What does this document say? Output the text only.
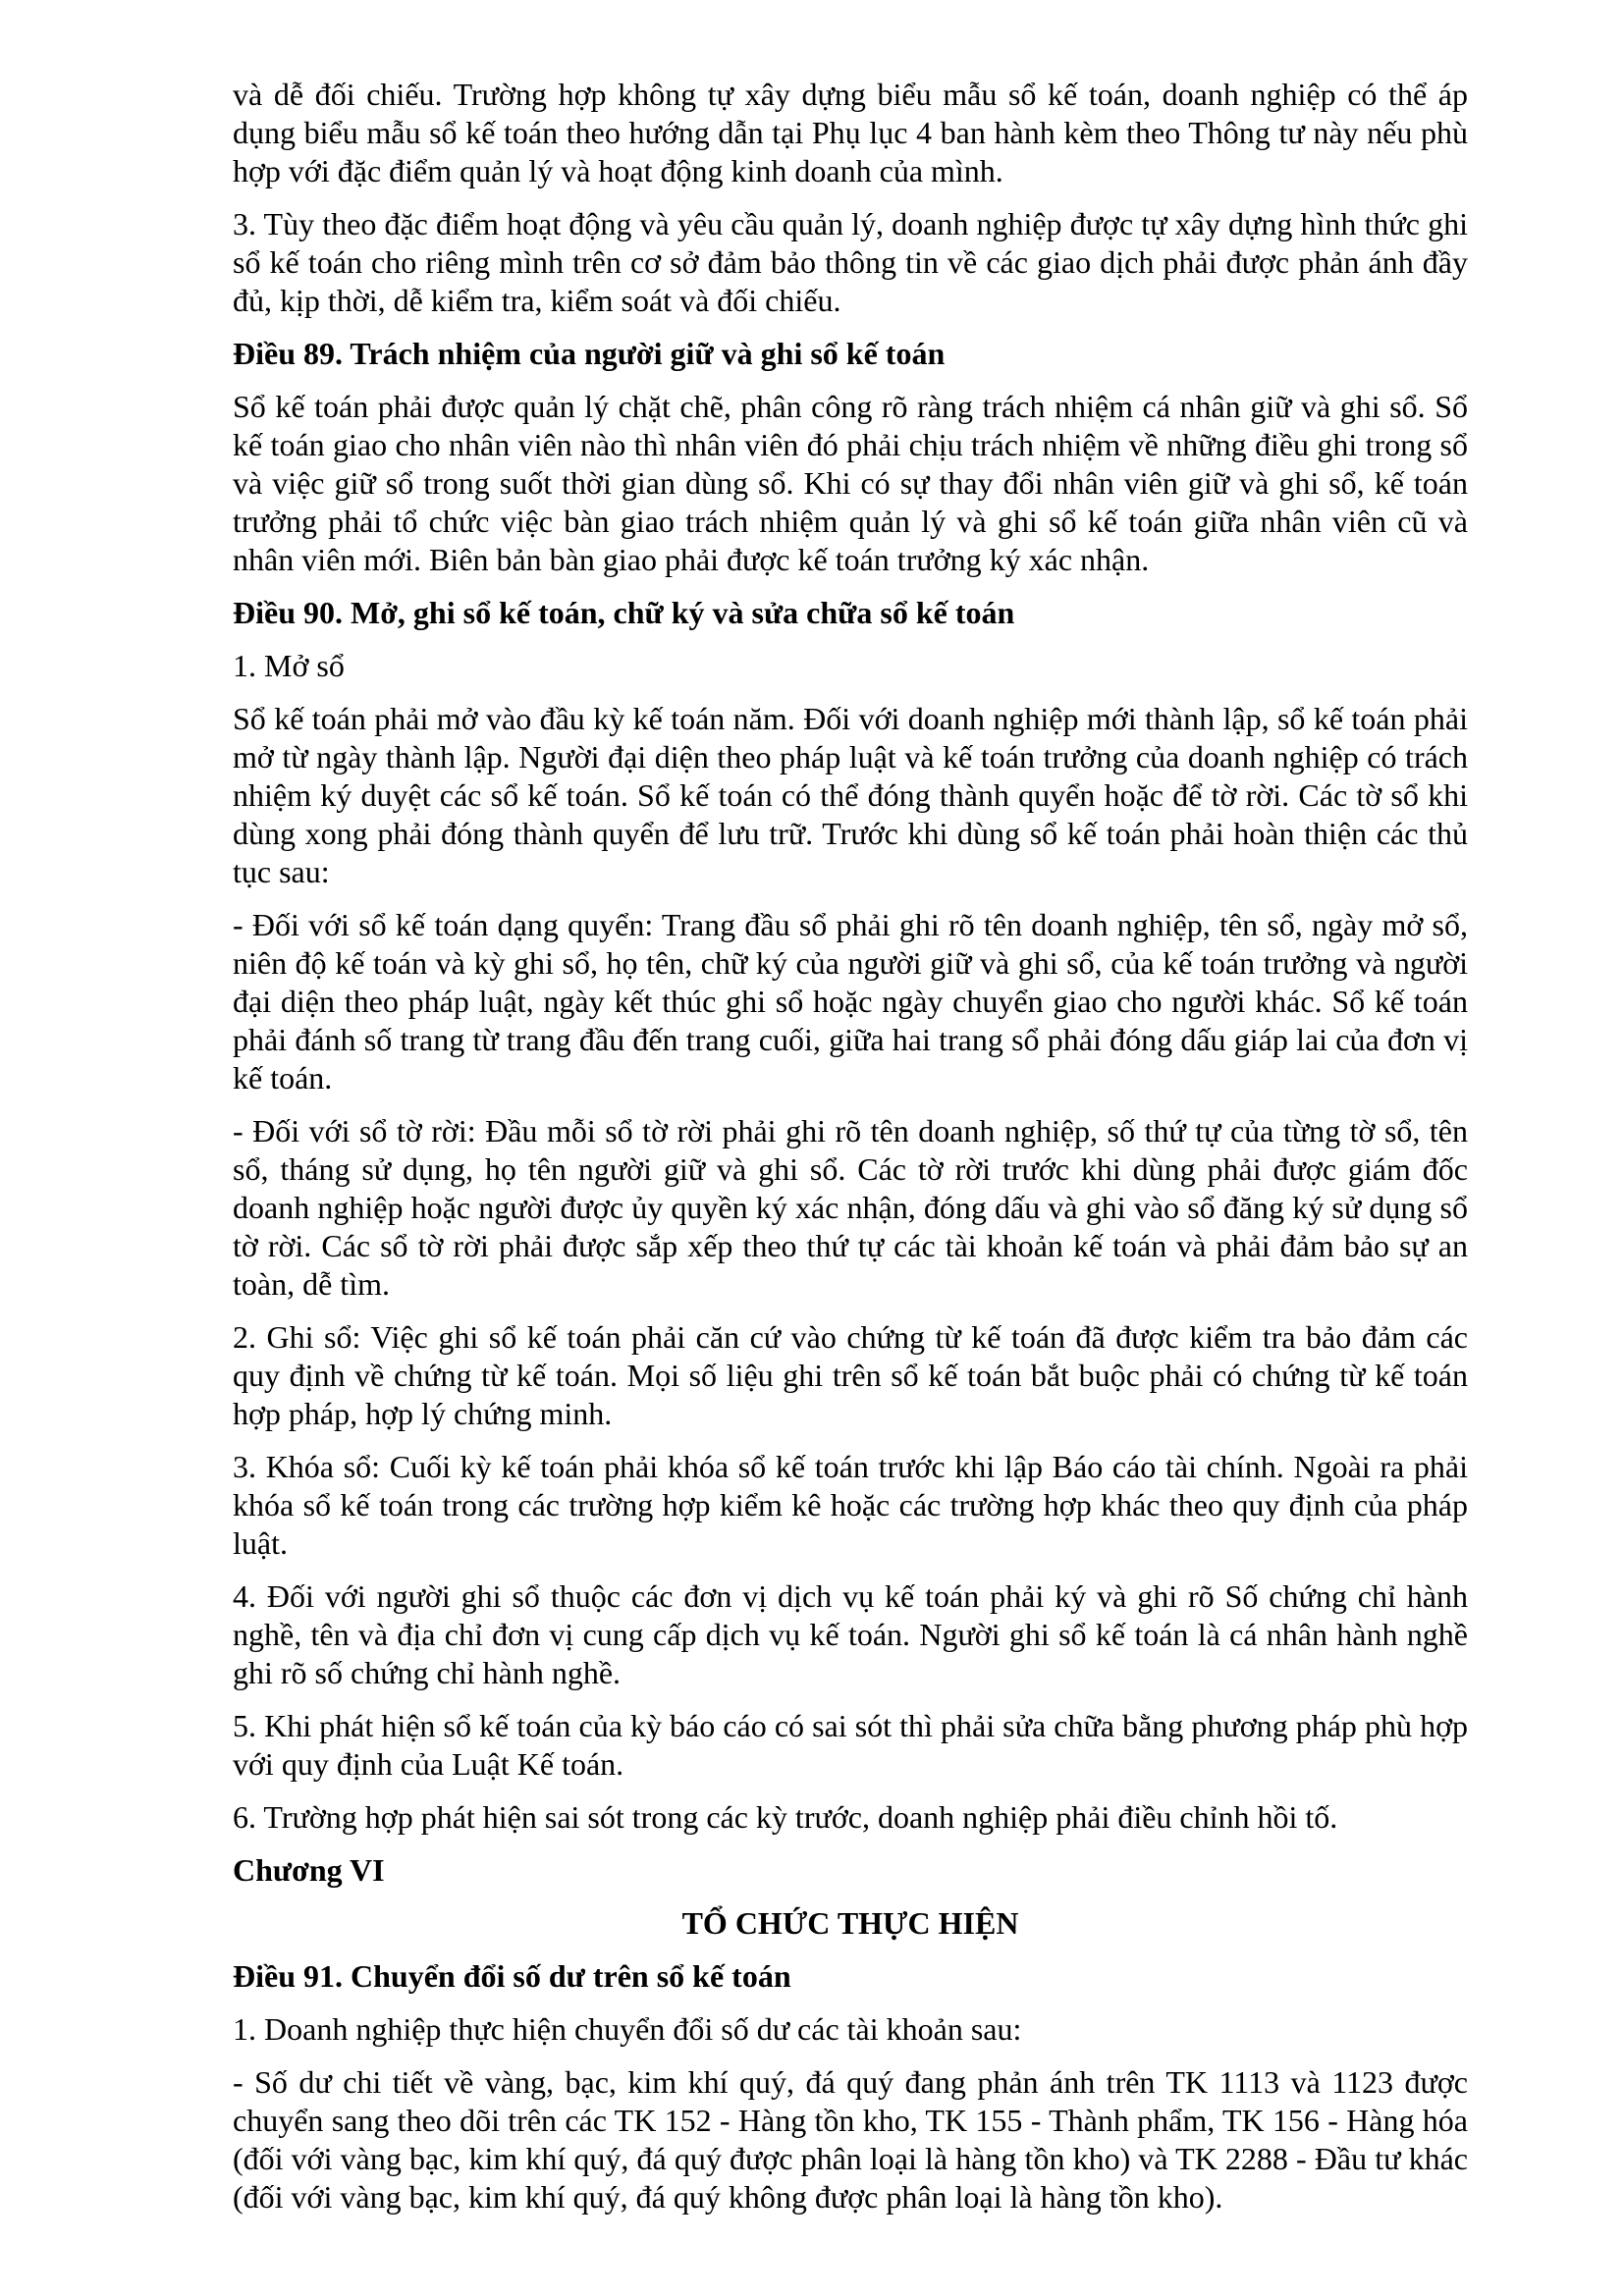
và dễ đối chiếu. Trường hợp không tự xây dựng biểu mẫu sổ kế toán, doanh nghiệp có thể áp dụng biểu mẫu sổ kế toán theo hướng dẫn tại Phụ lục 4 ban hành kèm theo Thông tư này nếu phù hợp với đặc điểm quản lý và hoạt động kinh doanh của mình.

3. Tùy theo đặc điểm hoạt động và yêu cầu quản lý, doanh nghiệp được tự xây dựng hình thức ghi sổ kế toán cho riêng mình trên cơ sở đảm bảo thông tin về các giao dịch phải được phản ánh đầy đủ, kịp thời, dễ kiểm tra, kiểm soát và đối chiếu.

Điều 89. Trách nhiệm của người giữ và ghi sổ kế toán

Sổ kế toán phải được quản lý chặt chẽ, phân công rõ ràng trách nhiệm cá nhân giữ và ghi sổ. Sổ kế toán giao cho nhân viên nào thì nhân viên đó phải chịu trách nhiệm về những điều ghi trong sổ và việc giữ sổ trong suốt thời gian dùng sổ. Khi có sự thay đổi nhân viên giữ và ghi sổ, kế toán trưởng phải tổ chức việc bàn giao trách nhiệm quản lý và ghi sổ kế toán giữa nhân viên cũ và nhân viên mới. Biên bản bàn giao phải được kế toán trưởng ký xác nhận.

Điều 90. Mở, ghi sổ kế toán, chữ ký và sửa chữa sổ kế toán

1. Mở sổ

Sổ kế toán phải mở vào đầu kỳ kế toán năm. Đối với doanh nghiệp mới thành lập, sổ kế toán phải mở từ ngày thành lập. Người đại diện theo pháp luật và kế toán trưởng của doanh nghiệp có trách nhiệm ký duyệt các sổ kế toán. Sổ kế toán có thể đóng thành quyển hoặc để tờ rời. Các tờ sổ khi dùng xong phải đóng thành quyển để lưu trữ. Trước khi dùng sổ kế toán phải hoàn thiện các thủ tục sau:

- Đối với sổ kế toán dạng quyển: Trang đầu sổ phải ghi rõ tên doanh nghiệp, tên sổ, ngày mở sổ, niên độ kế toán và kỳ ghi sổ, họ tên, chữ ký của người giữ và ghi sổ, của kế toán trưởng và người đại diện theo pháp luật, ngày kết thúc ghi sổ hoặc ngày chuyển giao cho người khác. Sổ kế toán phải đánh số trang từ trang đầu đến trang cuối, giữa hai trang sổ phải đóng dấu giáp lai của đơn vị kế toán.

- Đối với sổ tờ rời: Đầu mỗi sổ tờ rời phải ghi rõ tên doanh nghiệp, số thứ tự của từng tờ sổ, tên sổ, tháng sử dụng, họ tên người giữ và ghi sổ. Các tờ rời trước khi dùng phải được giám đốc doanh nghiệp hoặc người được ủy quyền ký xác nhận, đóng dấu và ghi vào sổ đăng ký sử dụng sổ tờ rời. Các sổ tờ rời phải được sắp xếp theo thứ tự các tài khoản kế toán và phải đảm bảo sự an toàn, dễ tìm.

2. Ghi sổ: Việc ghi sổ kế toán phải căn cứ vào chứng từ kế toán đã được kiểm tra bảo đảm các quy định về chứng từ kế toán. Mọi số liệu ghi trên sổ kế toán bắt buộc phải có chứng từ kế toán hợp pháp, hợp lý chứng minh.

3. Khóa sổ: Cuối kỳ kế toán phải khóa sổ kế toán trước khi lập Báo cáo tài chính. Ngoài ra phải khóa sổ kế toán trong các trường hợp kiểm kê hoặc các trường hợp khác theo quy định của pháp luật.

4. Đối với người ghi sổ thuộc các đơn vị dịch vụ kế toán phải ký và ghi rõ Số chứng chỉ hành nghề, tên và địa chỉ đơn vị cung cấp dịch vụ kế toán. Người ghi sổ kế toán là cá nhân hành nghề ghi rõ số chứng chỉ hành nghề.

5. Khi phát hiện sổ kế toán của kỳ báo cáo có sai sót thì phải sửa chữa bằng phương pháp phù hợp với quy định của Luật Kế toán.

6. Trường hợp phát hiện sai sót trong các kỳ trước, doanh nghiệp phải điều chỉnh hồi tố.

Chương VI

TỔ CHỨC THỰC HIỆN

Điều 91. Chuyển đổi số dư trên sổ kế toán

1. Doanh nghiệp thực hiện chuyển đổi số dư các tài khoản sau:

- Số dư chi tiết về vàng, bạc, kim khí quý, đá quý đang phản ánh trên TK 1113 và 1123 được chuyển sang theo dõi trên các TK 152 - Hàng tồn kho, TK 155 - Thành phẩm, TK 156 - Hàng hóa (đối với vàng bạc, kim khí quý, đá quý được phân loại là hàng tồn kho) và TK 2288 - Đầu tư khác (đối với vàng bạc, kim khí quý, đá quý không được phân loại là hàng tồn kho).
